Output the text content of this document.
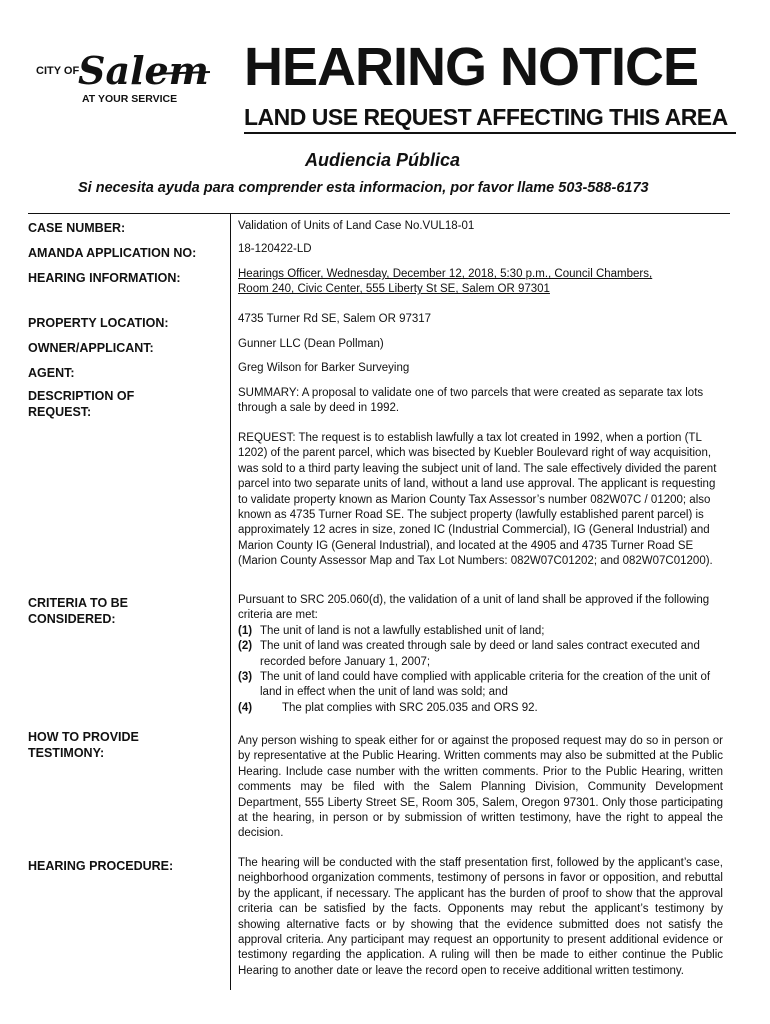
CITY OF
Salem
AT YOUR SERVICE
HEARING NOTICE
LAND USE REQUEST AFFECTING THIS AREA
Audiencia Pública
Si necesita ayuda para comprender esta informacion, por favor llame 503-588-6173
CASE NUMBER:	Validation of Units of Land Case No.VUL18-01
AMANDA APPLICATION NO:	18-120422-LD
HEARING INFORMATION:	Hearings Officer, Wednesday, December 12, 2018, 5:30 p.m., Council Chambers,
Room 240, Civic Center, 555 Liberty St SE, Salem OR 97301
PROPERTY LOCATION:	4735 Turner Rd SE, Salem OR 97317
OWNER/APPLICANT:	Gunner LLC (Dean Pollman)
AGENT:	Greg Wilson for Barker Surveying
DESCRIPTION OF
REQUEST:
SUMMARY: A proposal to validate one of two parcels that were created as separate tax lots through a sale by deed in 1992.
REQUEST: The request is to establish lawfully a tax lot created in 1992, when a portion (TL 1202) of the parent parcel, which was bisected by Kuebler Boulevard right of way acquisition, was sold to a third party leaving the subject unit of land. The sale effectively divided the parent parcel into two separate units of land, without a land use approval. The applicant is requesting to validate property known as Marion County Tax Assessor’s number 082W07C / 01200; also known as 4735 Turner Road SE. The subject property (lawfully established parent parcel) is approximately 12 acres in size, zoned IC (Industrial Commercial), IG (General Industrial) and Marion County IG (General Industrial), and located at the 4905 and 4735 Turner Road SE (Marion County Assessor Map and Tax Lot Numbers: 082W07C01202; and 082W07C01200).
CRITERIA TO BE
CONSIDERED:
Pursuant to SRC 205.060(d), the validation of a unit of land shall be approved if the following criteria are met:
(1) The unit of land is not a lawfully established unit of land;
(2) The unit of land was created through sale by deed or land sales contract executed and recorded before January 1, 2007;
(3) The unit of land could have complied with applicable criteria for the creation of the unit of land in effect when the unit of land was sold; and
(4)	The plat complies with SRC 205.035 and ORS 92.
HOW TO PROVIDE
TESTIMONY:
Any person wishing to speak either for or against the proposed request may do so in person or by representative at the Public Hearing. Written comments may also be submitted at the Public Hearing. Include case number with the written comments. Prior to the Public Hearing, written comments may be filed with the Salem Planning Division, Community Development Department, 555 Liberty Street SE, Room 305, Salem, Oregon 97301. Only those participating at the hearing, in person or by submission of written testimony, have the right to appeal the decision.
HEARING PROCEDURE:	The hearing will be conducted with the staff presentation first, followed by the applicant’s case, neighborhood organization comments, testimony of persons in favor or opposition, and rebuttal by the applicant, if necessary. The applicant has the burden of proof to show that the approval criteria can be satisfied by the facts. Opponents may rebut the applicant’s testimony by showing alternative facts or by showing that the evidence submitted does not satisfy the approval criteria. Any participant may request an opportunity to present additional evidence or testimony regarding the application. A ruling will then be made to either continue the Public Hearing to another date or leave the record open to receive additional written testimony.
